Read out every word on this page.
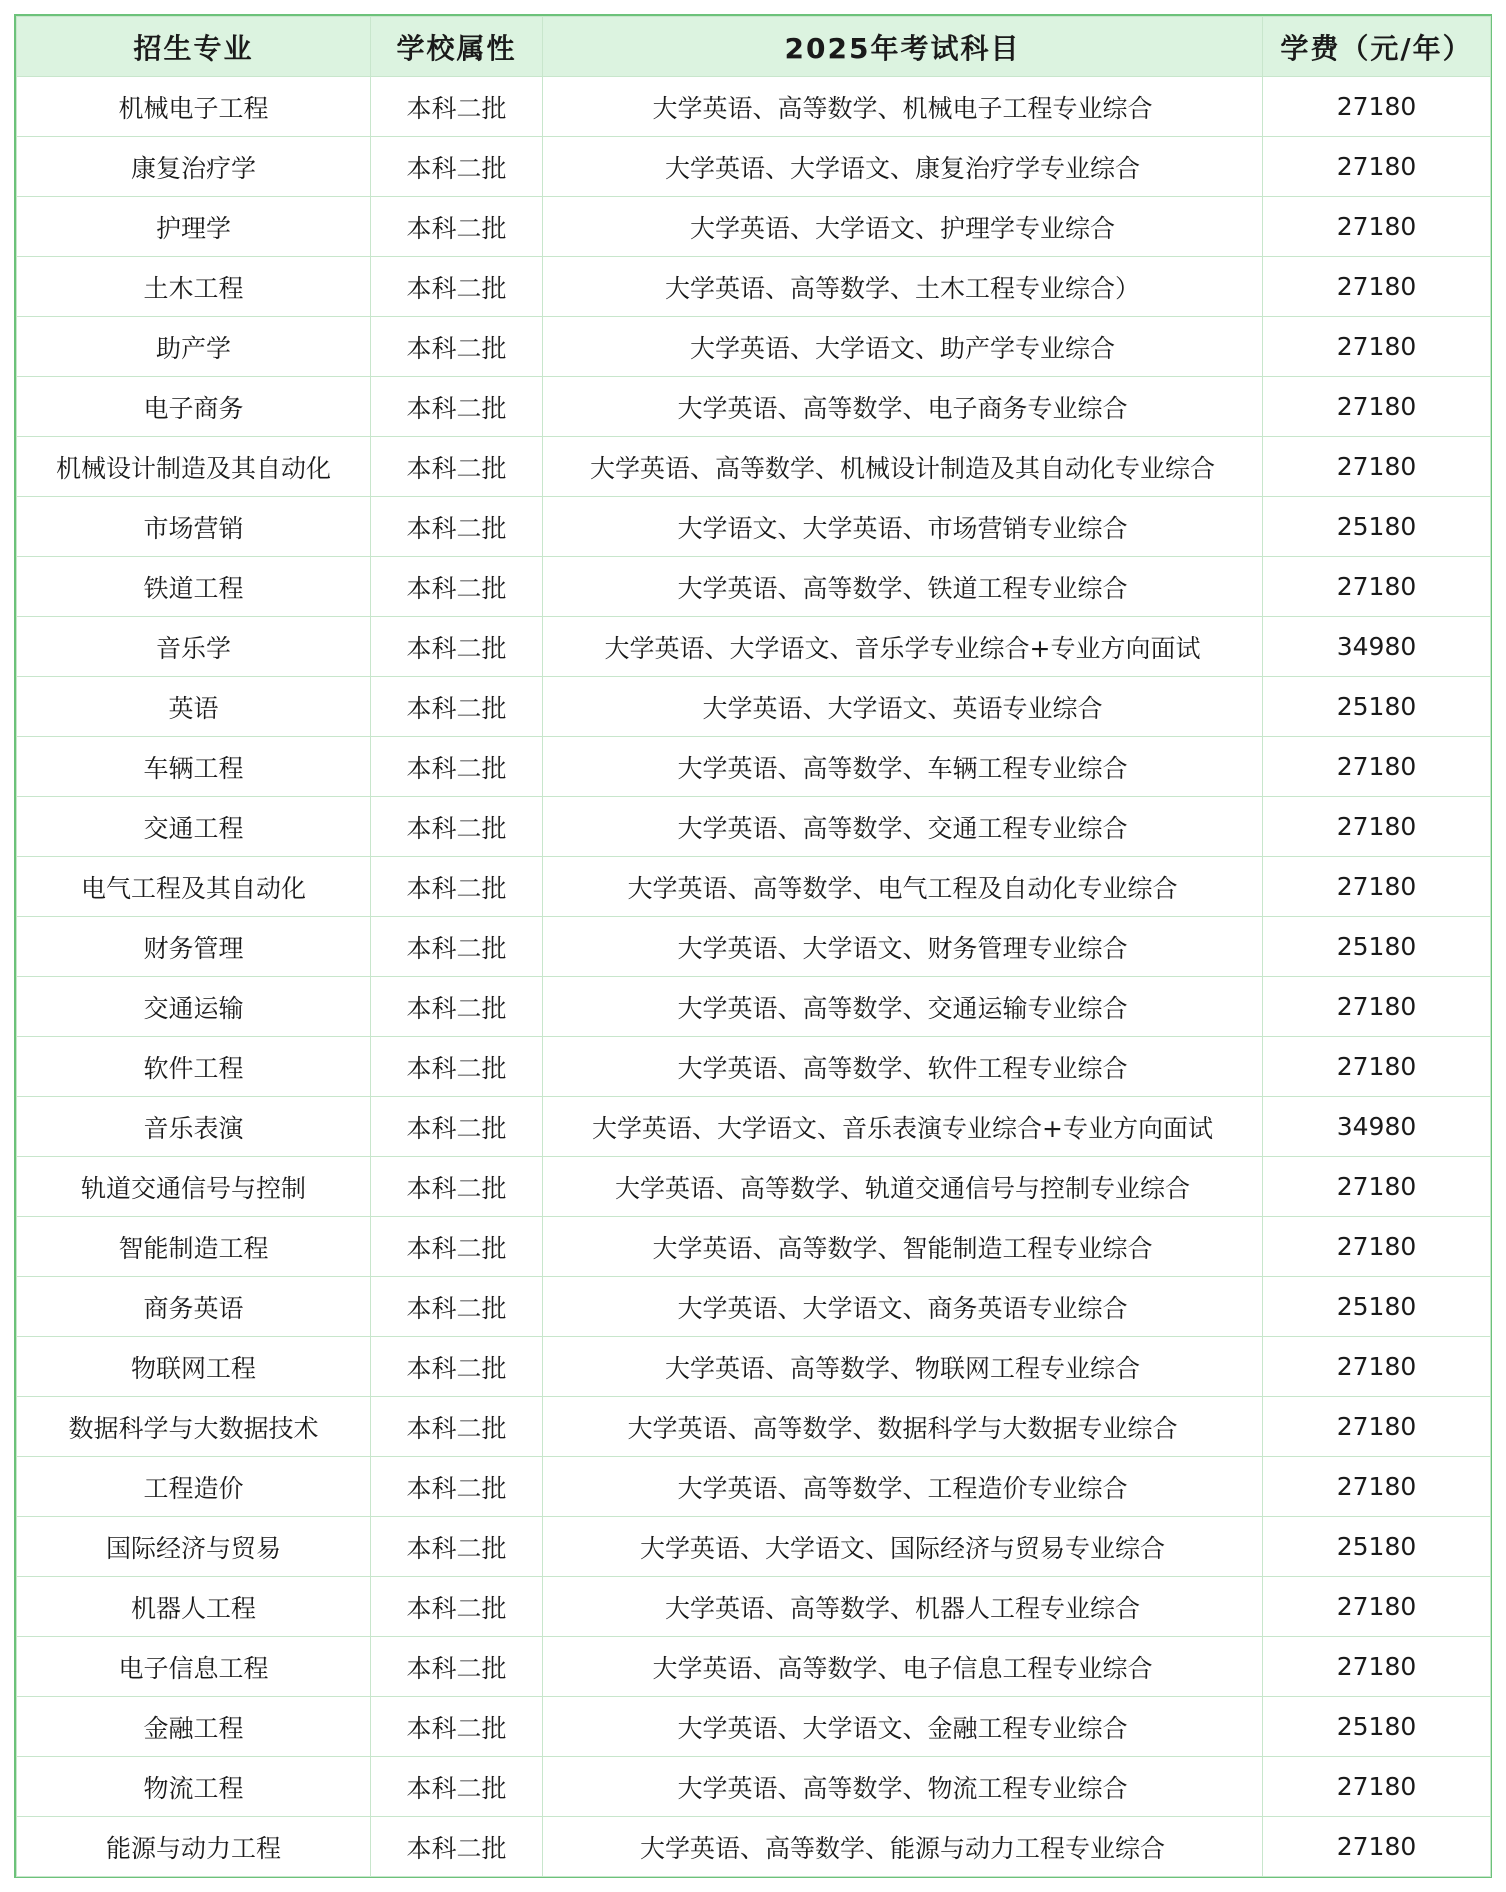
招生专业	学校属性	2025年考试科目	学费（元/年）
机械电子工程	本科二批	大学英语、高等数学、机械电子工程专业综合	27180
康复治疗学	本科二批	大学英语、大学语文、康复治疗学专业综合	27180
护理学	本科二批	大学英语、大学语文、护理学专业综合	27180
土木工程	本科二批	大学英语、高等数学、土木工程专业综合）	27180
助产学	本科二批	大学英语、大学语文、助产学专业综合	27180
电子商务	本科二批	大学英语、高等数学、电子商务专业综合	27180
机械设计制造及其自动化	本科二批	大学英语、高等数学、机械设计制造及其自动化专业综合	27180
市场营销	本科二批	大学语文、大学英语、市场营销专业综合	25180
铁道工程	本科二批	大学英语、高等数学、铁道工程专业综合	27180
音乐学	本科二批	大学英语、大学语文、音乐学专业综合+专业方向面试	34980
英语	本科二批	大学英语、大学语文、英语专业综合	25180
车辆工程	本科二批	大学英语、高等数学、车辆工程专业综合	27180
交通工程	本科二批	大学英语、高等数学、交通工程专业综合	27180
电气工程及其自动化	本科二批	大学英语、高等数学、电气工程及自动化专业综合	27180
财务管理	本科二批	大学英语、大学语文、财务管理专业综合	25180
交通运输	本科二批	大学英语、高等数学、交通运输专业综合	27180
软件工程	本科二批	大学英语、高等数学、软件工程专业综合	27180
音乐表演	本科二批	大学英语、大学语文、音乐表演专业综合+专业方向面试	34980
轨道交通信号与控制	本科二批	大学英语、高等数学、轨道交通信号与控制专业综合	27180
智能制造工程	本科二批	大学英语、高等数学、智能制造工程专业综合	27180
商务英语	本科二批	大学英语、大学语文、商务英语专业综合	25180
物联网工程	本科二批	大学英语、高等数学、物联网工程专业综合	27180
数据科学与大数据技术	本科二批	大学英语、高等数学、数据科学与大数据专业综合	27180
工程造价	本科二批	大学英语、高等数学、工程造价专业综合	27180
国际经济与贸易	本科二批	大学英语、大学语文、国际经济与贸易专业综合	25180
机器人工程	本科二批	大学英语、高等数学、机器人工程专业综合	27180
电子信息工程	本科二批	大学英语、高等数学、电子信息工程专业综合	27180
金融工程	本科二批	大学英语、大学语文、金融工程专业综合	25180
物流工程	本科二批	大学英语、高等数学、物流工程专业综合	27180
能源与动力工程	本科二批	大学英语、高等数学、能源与动力工程专业综合	27180
